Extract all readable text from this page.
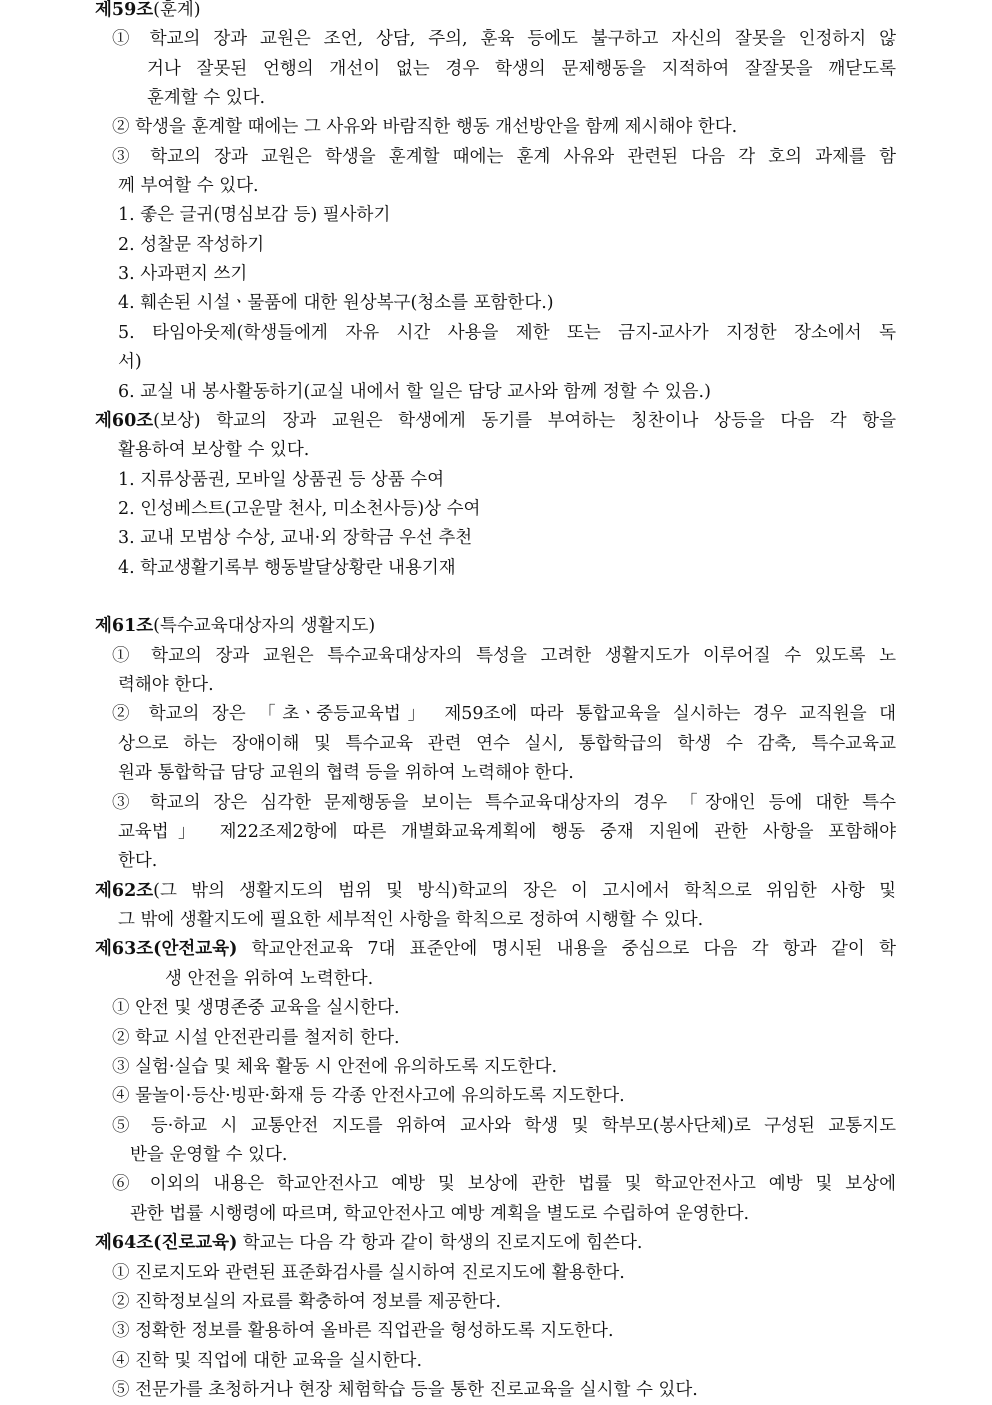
제59조(훈계)
① 학교의 장과 교원은 조언, 상담, 주의, 훈육 등에도 불구하고 자신의 잘못을 인정하지 않
거나 잘못된 언행의 개선이 없는 경우 학생의 문제행동을 지적하여 잘잘못을 깨닫도록
훈계할 수 있다.
② 학생을 훈계할 때에는 그 사유와 바람직한 행동 개선방안을 함께 제시해야 한다.
③ 학교의 장과 교원은 학생을 훈계할 때에는 훈계 사유와 관련된 다음 각 호의 과제를 함
께 부여할 수 있다.
1. 좋은 글귀(명심보감 등) 필사하기
2. 성찰문 작성하기
3. 사과편지 쓰기
4. 훼손된 시설ㆍ물품에 대한 원상복구(청소를 포함한다.)
5. 타임아웃제(학생들에게 자유 시간 사용을 제한 또는 금지-교사가 지정한 장소에서 독
서)
6. 교실 내 봉사활동하기(교실 내에서 할 일은 담당 교사와 함께 정할 수 있음.)
제60조(보상) 학교의 장과 교원은 학생에게 동기를 부여하는 칭찬이나 상등을 다음 각 항을
활용하여 보상할 수 있다.
1. 지류상품권, 모바일 상품권 등 상품 수여
2. 인성베스트(고운말 천사, 미소천사등)상 수여
3. 교내 모범상 수상, 교내·외 장학금 우선 추천
4. 학교생활기록부 행동발달상황란 내용기재
제61조(특수교육대상자의 생활지도)
① 학교의 장과 교원은 특수교육대상자의 특성을 고려한 생활지도가 이루어질 수 있도록 노
력해야 한다.
② 학교의 장은 「초ㆍ중등교육법」 제59조에 따라 통합교육을 실시하는 경우 교직원을 대
상으로 하는 장애이해 및 특수교육 관련 연수 실시, 통합학급의 학생 수 감축, 특수교육교
원과 통합학급 담당 교원의 협력 등을 위하여 노력해야 한다.
③ 학교의 장은 심각한 문제행동을 보이는 특수교육대상자의 경우 「장애인 등에 대한 특수
교육법」 제22조제2항에 따른 개별화교육계획에 행동 중재 지원에 관한 사항을 포함해야
한다.
제62조(그 밖의 생활지도의 범위 및 방식)학교의 장은 이 고시에서 학칙으로 위임한 사항 및
그 밖에 생활지도에 필요한 세부적인 사항을 학칙으로 정하여 시행할 수 있다.
제63조(안전교육) 학교안전교육 7대 표준안에 명시된 내용을 중심으로 다음 각 항과 같이 학
생 안전을 위하여 노력한다.
① 안전 및 생명존중 교육을 실시한다.
② 학교 시설 안전관리를 철저히 한다.
③ 실험·실습 및 체육 활동 시 안전에 유의하도록 지도한다.
④ 물놀이·등산·빙판·화재 등 각종 안전사고에 유의하도록 지도한다.
⑤ 등·하교 시 교통안전 지도를 위하여 교사와 학생 및 학부모(봉사단체)로 구성된 교통지도
반을 운영할 수 있다.
⑥ 이외의 내용은 학교안전사고 예방 및 보상에 관한 법률 및 학교안전사고 예방 및 보상에
관한 법률 시행령에 따르며, 학교안전사고 예방 계획을 별도로 수립하여 운영한다.
제64조(진로교육) 학교는 다음 각 항과 같이 학생의 진로지도에 힘쓴다.
① 진로지도와 관련된 표준화검사를 실시하여 진로지도에 활용한다.
② 진학정보실의 자료를 확충하여 정보를 제공한다.
③ 정확한 정보를 활용하여 올바른 직업관을 형성하도록 지도한다.
④ 진학 및 직업에 대한 교육을 실시한다.
⑤ 전문가를 초청하거나 현장 체험학습 등을 통한 진로교육을 실시할 수 있다.
